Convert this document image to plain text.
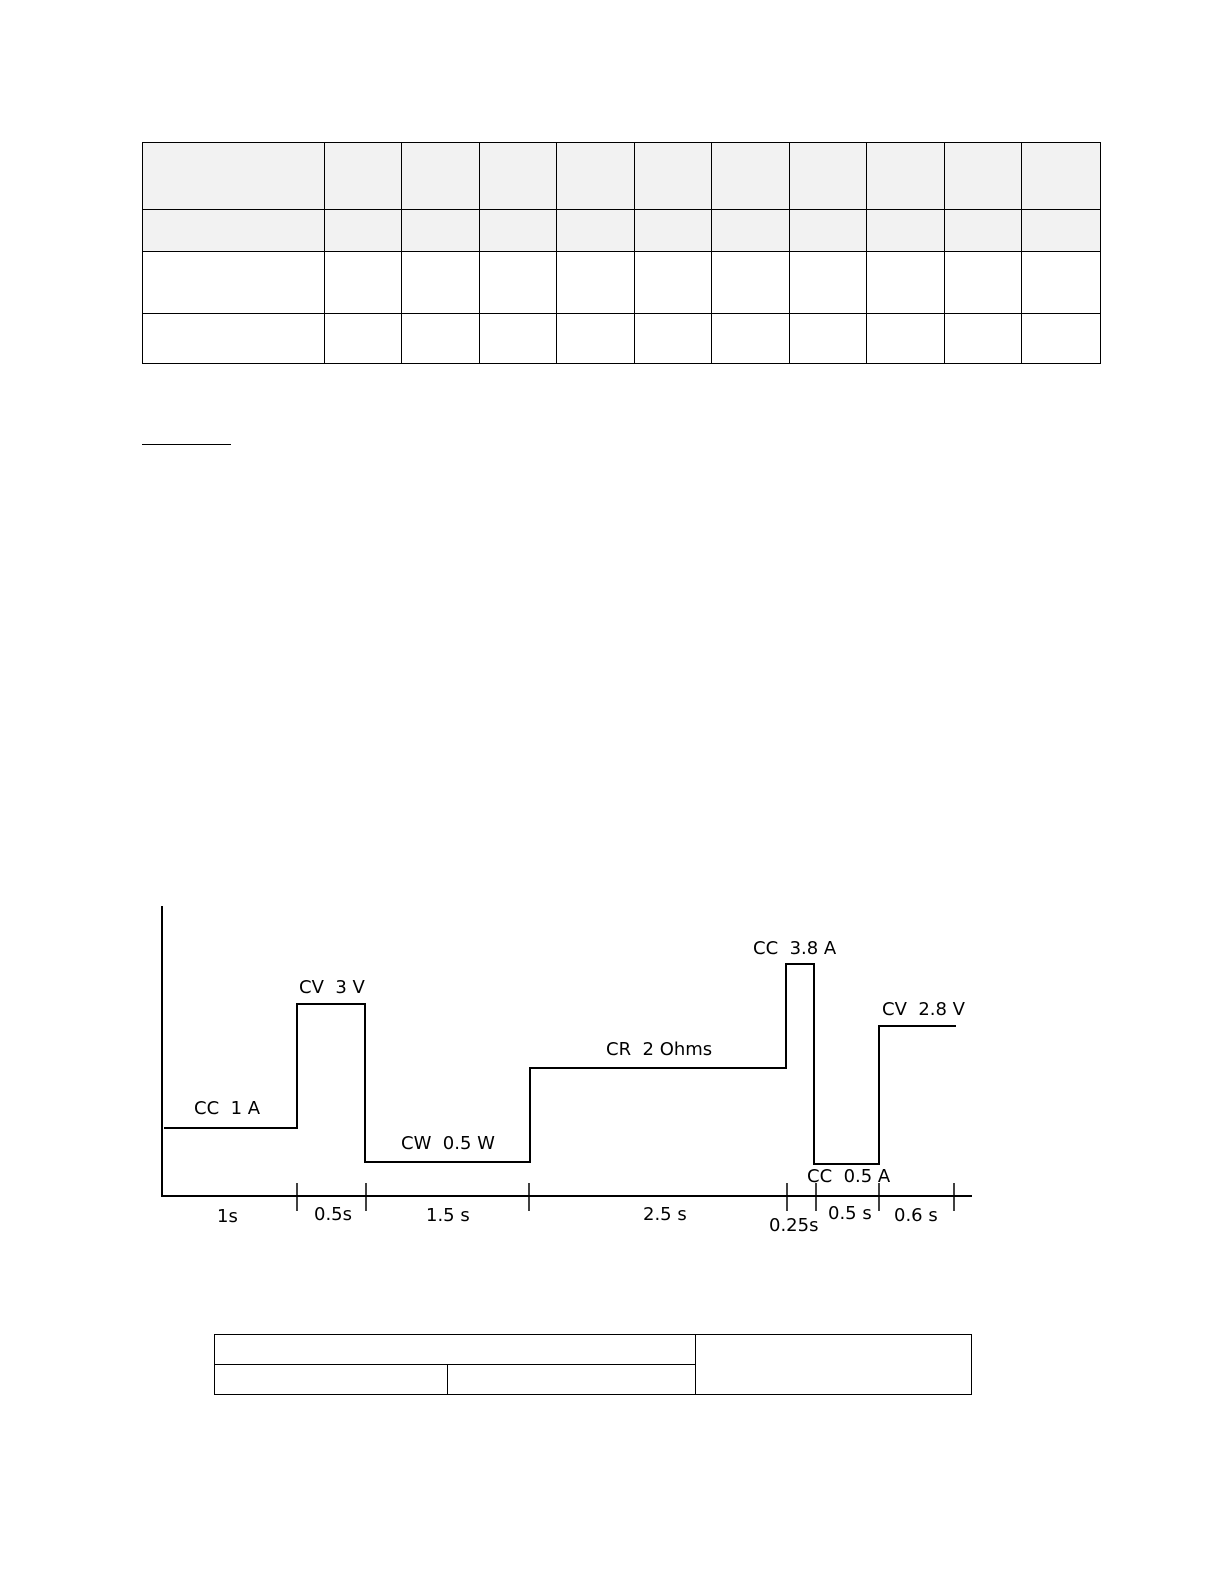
CC  1 A
CV  3 V
CW  0.5 W
CR  2 Ohms
CC  3.8 A
CC  0.5 A
CV  2.8 V
1s	0.5s	1.5 s	2.5 s
0.25s
0.5 s 0.6 s
